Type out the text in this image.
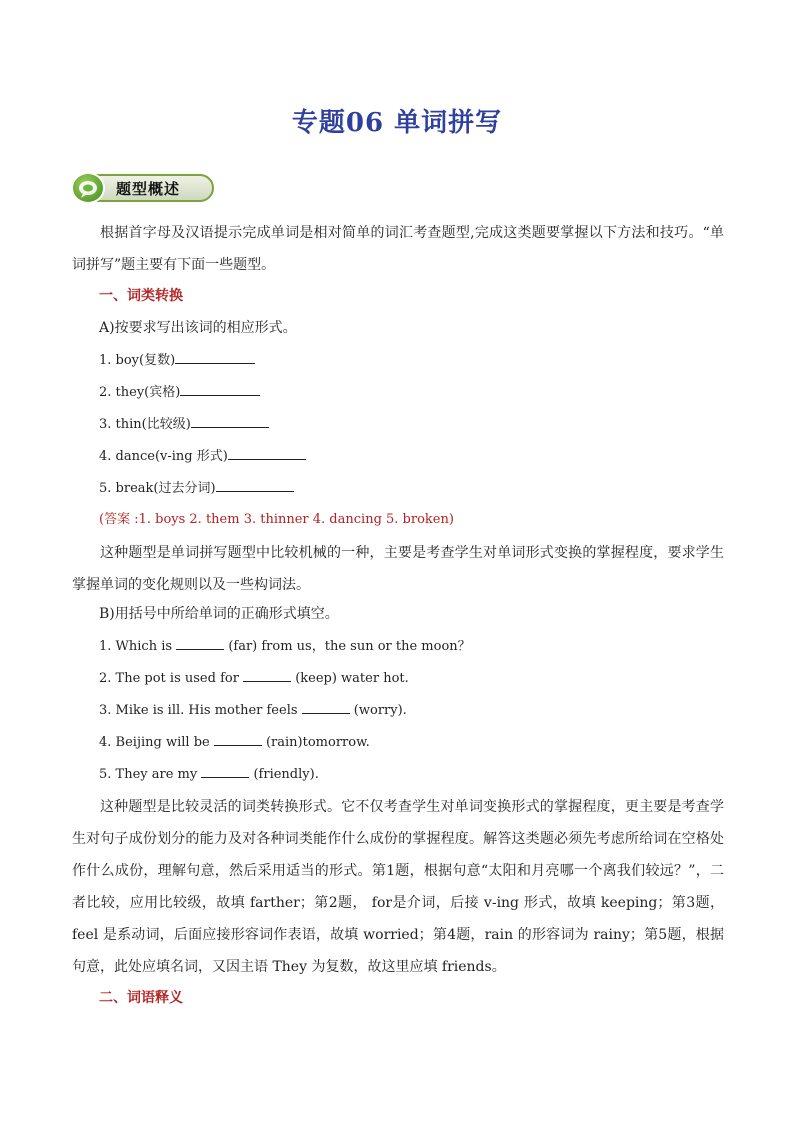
专题06 单词拼写
题型概述
根据首字母及汉语提示完成单词是相对简单的词汇考查题型,完成这类题要掌握以下方法和技巧。“单词拼写”题主要有下面一些题型。
一、词类转换
A)按要求写出该词的相应形式。
1. boy(复数)
2. they(宾格)
3. thin(比较级)
4. dance(v-ing 形式)
5. break(过去分词)
(答案 :1. boys 2. them 3. thinner 4. dancing 5. broken)
这种题型是单词拼写题型中比较机械的一种，主要是考查学生对单词形式变换的掌握程度，要求学生掌握单词的变化规则以及一些构词法。
B)用括号中所给单词的正确形式填空。
1. Which is	(far) from us，the sun or the moon？
2. The pot is used for	(keep) water hot.
3. Mike is ill. His mother feels	(worry).
4. Beijing will be	(rain)tomorrow.
5. They are my	(friendly).
这种题型是比较灵活的词类转换形式。它不仅考查学生对单词变换形式的掌握程度，更主要是考查学生对句子成份划分的能力及对各种词类能作什么成份的掌握程度。解答这类题必须先考虑所给词在空格处作什么成份，理解句意，然后采用适当的形式。第1题，根据句意“太阳和月亮哪一个离我们较远？”，二者比较，应用比较级，故填 farther；第2题， for是介词，后接 v-ing 形式，故填 keeping；第3题，feel 是系动词，后面应接形容词作表语，故填 worried；第4题，rain 的形容词为 rainy；第5题，根据句意，此处应填名词，又因主语 They 为复数，故这里应填 friends。
二、词语释义
